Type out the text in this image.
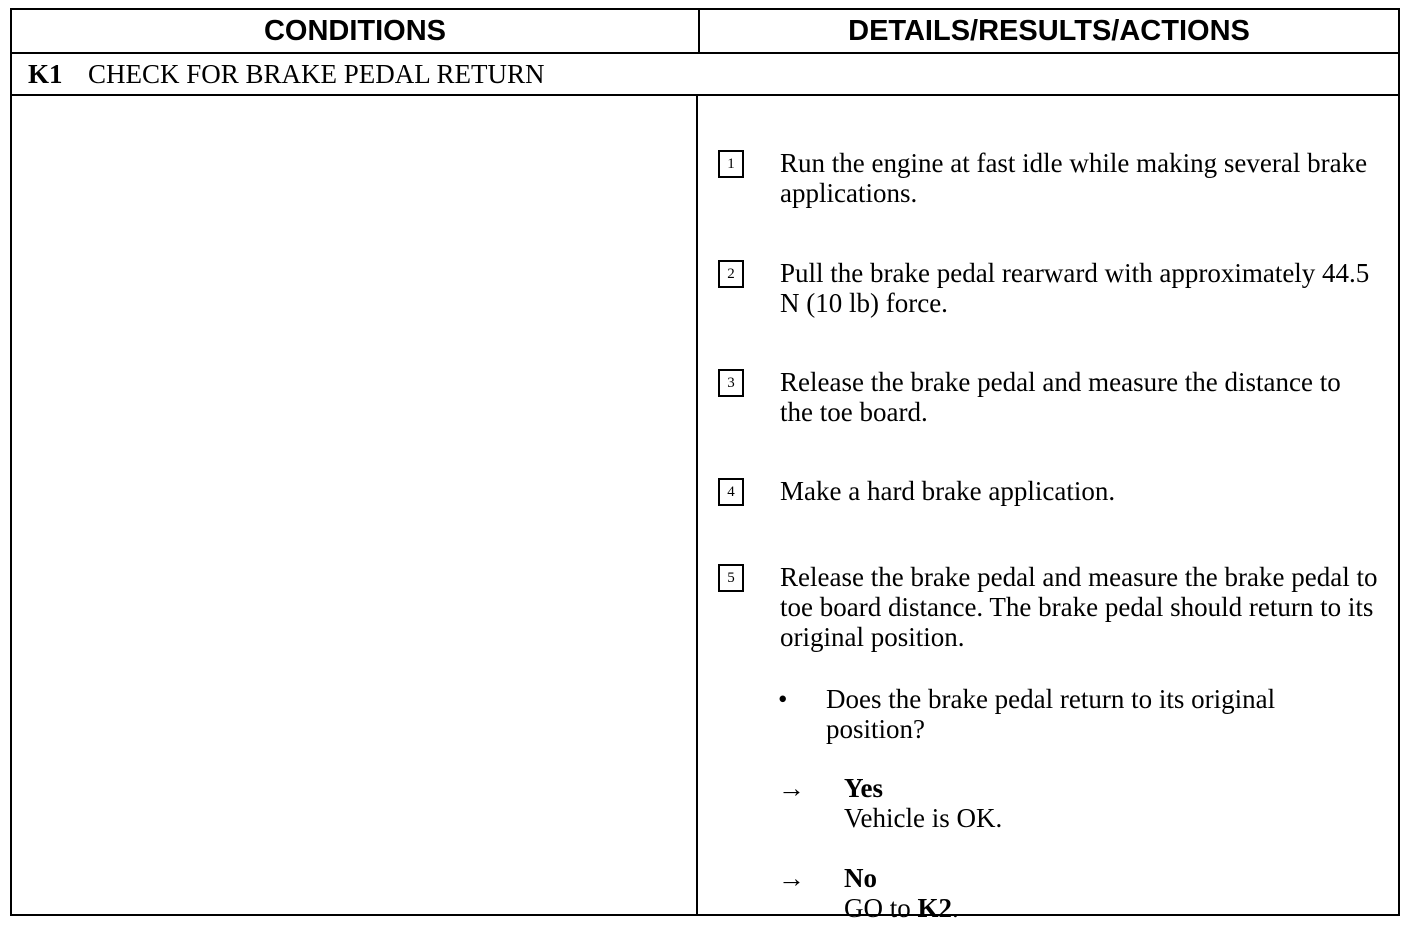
CONDITIONS	DETAILS/RESULTS/ACTIONS
K1 CHECK FOR BRAKE PEDAL RETURN
1	Run the engine at fast idle while making several brake applications.
2	Pull the brake pedal rearward with approximately 44.5 N (10 lb) force.
3	Release the brake pedal and measure the distance to the toe board.
4	Make a hard brake application.
5	Release the brake pedal and measure the brake pedal to toe board distance. The brake pedal should return to its original position.
• Does the brake pedal return to its original position?
→ Yes
Vehicle is OK.
→ No
GO to K2.
